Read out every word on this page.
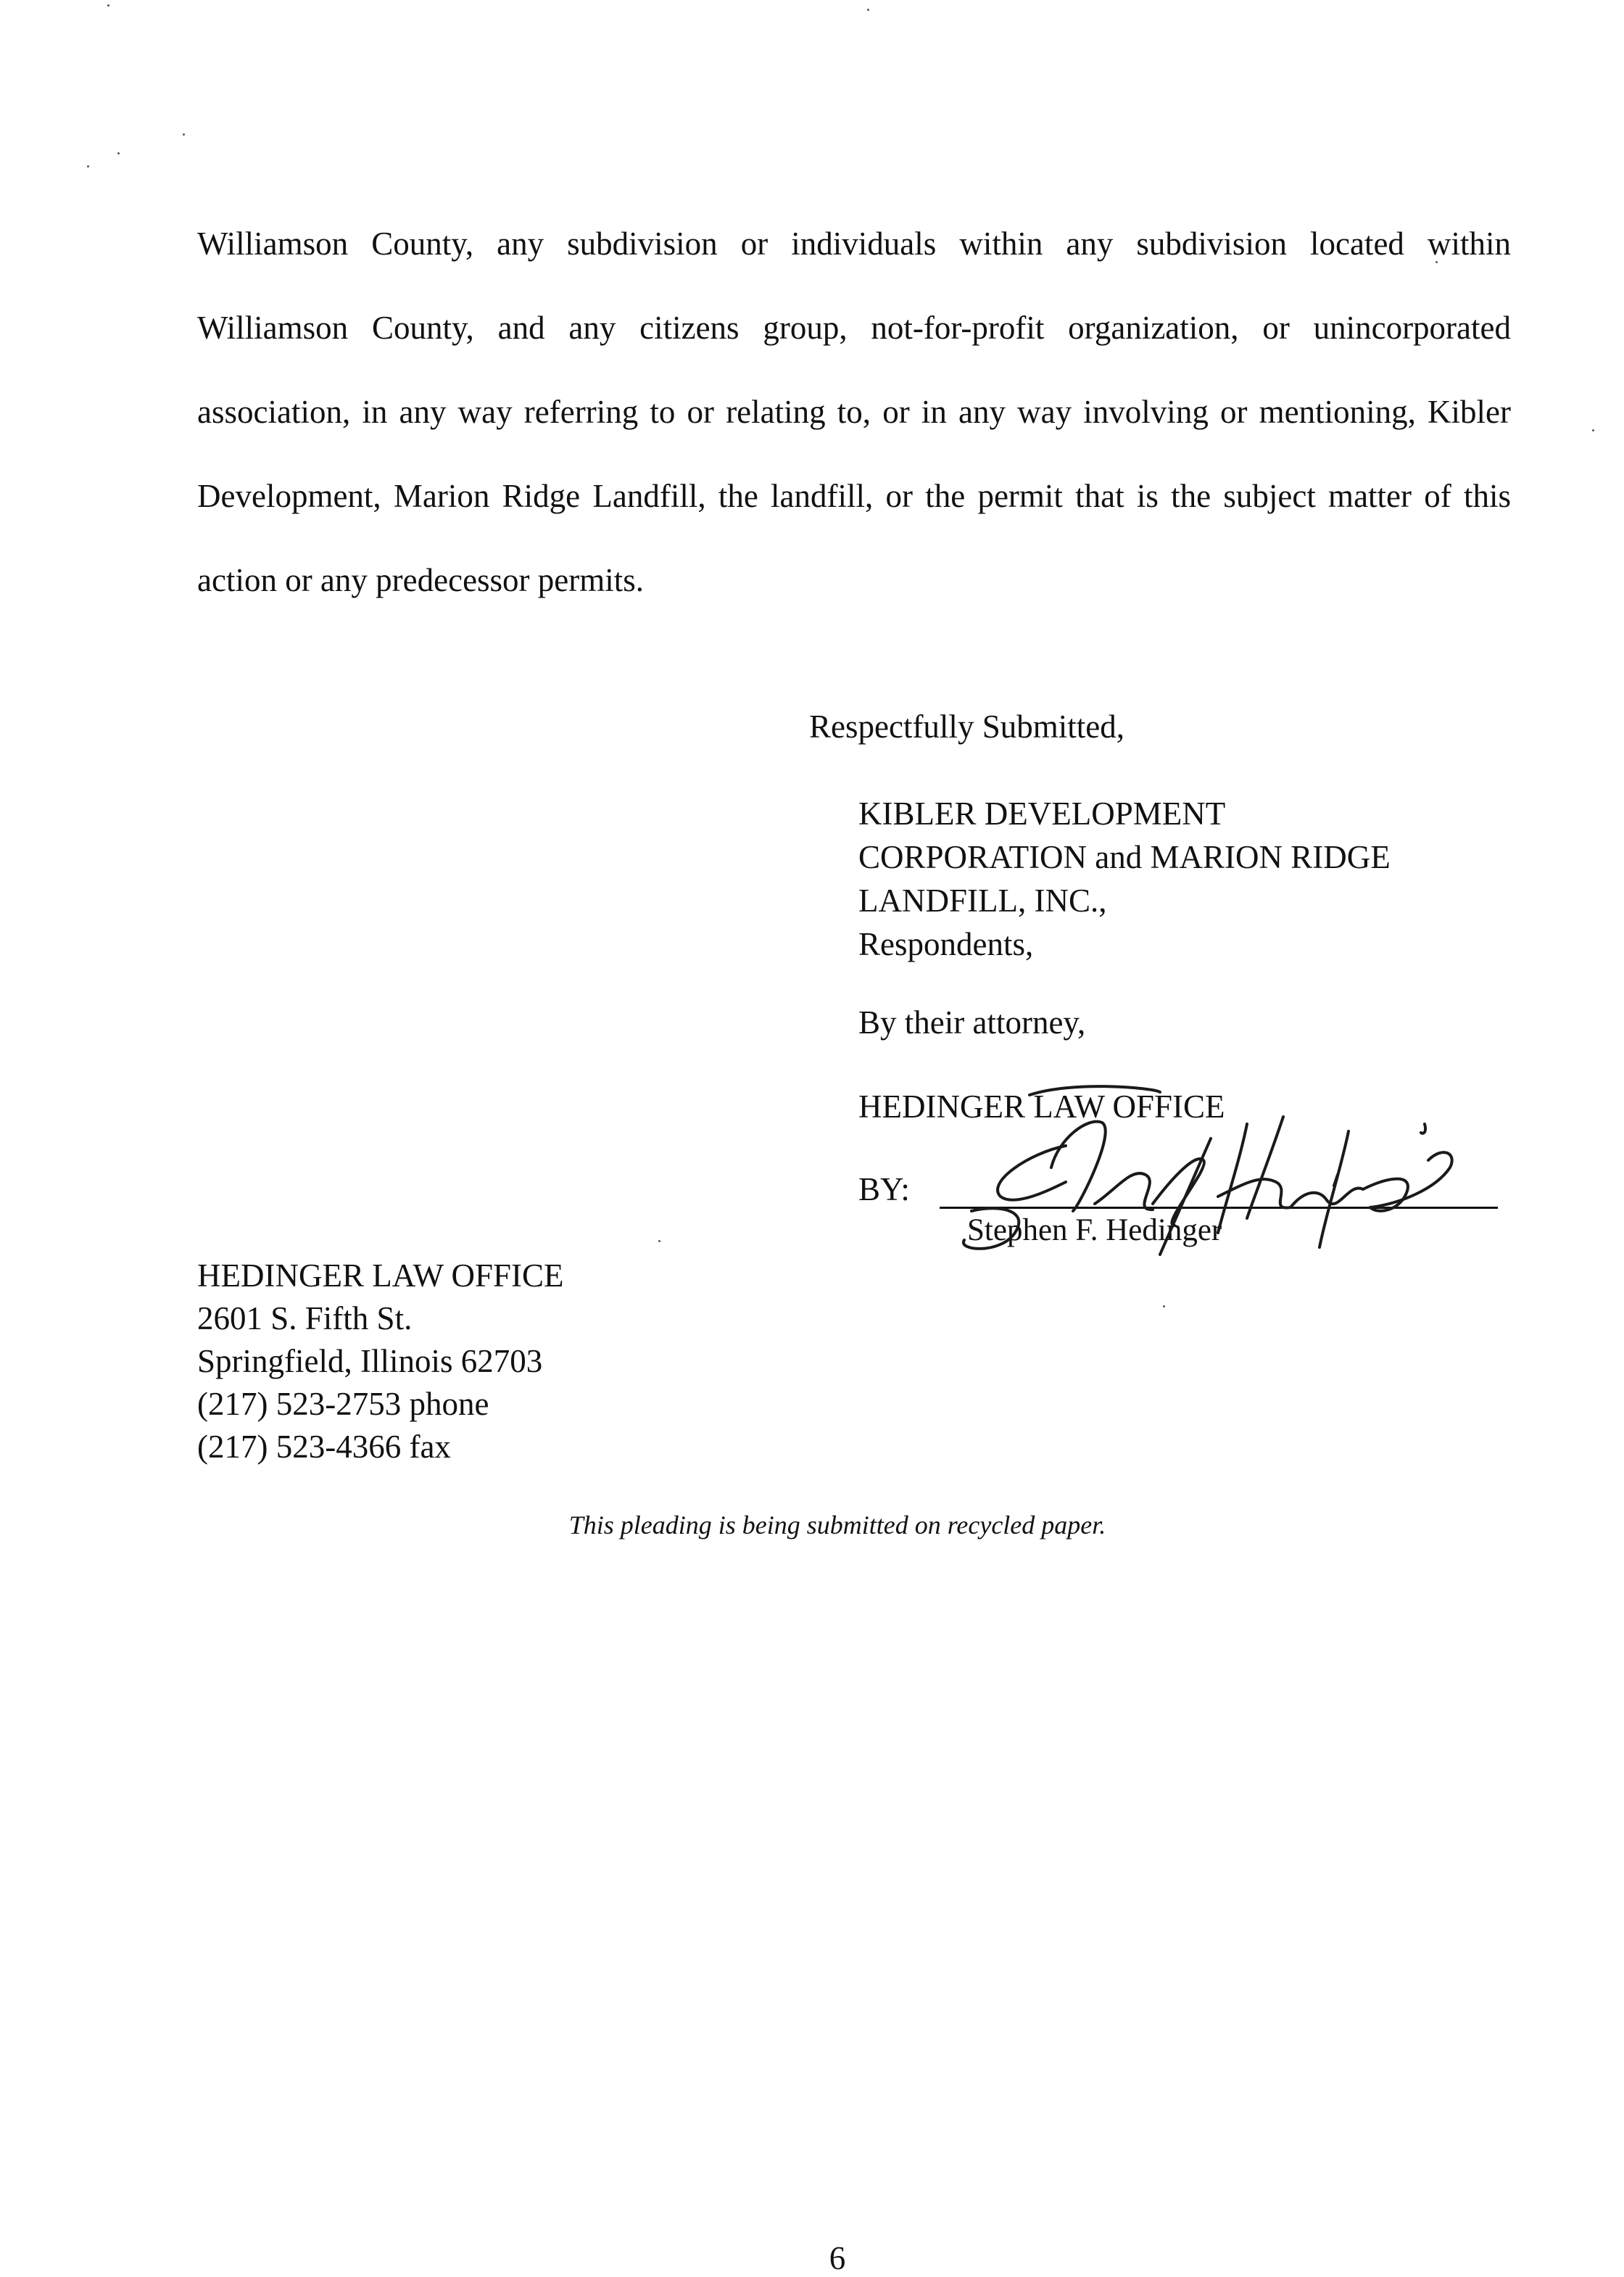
Williamson County, any subdivision or individuals within any subdivision located within Williamson County, and any citizens group, not-for-profit organization, or unincorporated association, in any way referring to or relating to, or in any way involving or mentioning, Kibler Development, Marion Ridge Landfill, the landfill, or the permit that is the subject matter of this action or any predecessor permits.

Respectfully Submitted,

KIBLER DEVELOPMENT
CORPORATION and MARION RIDGE
LANDFILL, INC.,
Respondents,

By their attorney,

HEDINGER LAW OFFICE

BY:
Stephen F. Hedinger
HEDINGER LAW OFFICE
2601 S. Fifth St.
Springfield, Illinois 62703
(217) 523-2753 phone
(217) 523-4366 fax

This pleading is being submitted on recycled paper.

6
